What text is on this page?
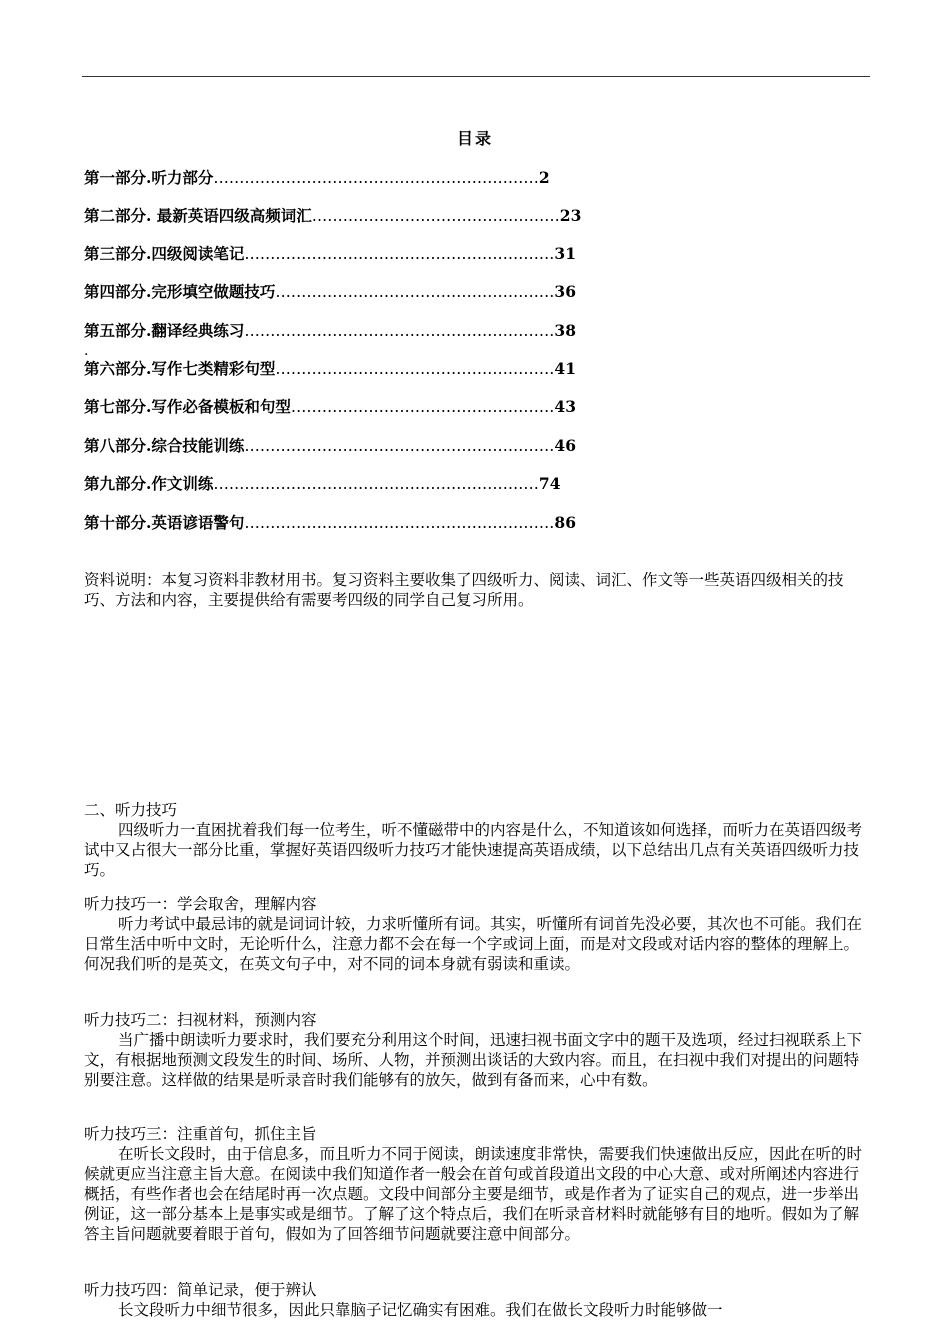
目录
第一部分.听力部分………………………………………………………2
第二部分. 最新英语四级高频词汇…………………………………………23
第三部分.四级阅读笔记……………………………………………………31
第四部分.完形填空做题技巧………………………………………………36
第五部分.翻译经典练习……………………………………………………38
第六部分.写作七类精彩句型………………………………………………41
第七部分.写作必备模板和句型……………………………………………43
第八部分.综合技能训练……………………………………………………46
第九部分.作文训练………………………………………………………74
第十部分.英语谚语警句……………………………………………………86
.
资料说明：本复习资料非教材用书。复习资料主要收集了四级听力、阅读、词汇、作文等一些英语四级相关的技巧、方法和内容，主要提供给有需要考四级的同学自己复习所用。
二、听力技巧
四级听力一直困扰着我们每一位考生，听不懂磁带中的内容是什么，不知道该如何选择，而听力在英语四级考试中又占很大一部分比重，掌握好英语四级听力技巧才能快速提高英语成绩，以下总结出几点有关英语四级听力技巧。
听力技巧一：学会取舍，理解内容
听力考试中最忌讳的就是词词计较，力求听懂所有词。其实，听懂所有词首先没必要，其次也不可能。我们在日常生活中听中文时，无论听什么，注意力都不会在每一个字或词上面，而是对文段或对话内容的整体的理解上。何况我们听的是英文，在英文句子中，对不同的词本身就有弱读和重读。
听力技巧二：扫视材料，预测内容
当广播中朗读听力要求时，我们要充分利用这个时间，迅速扫视书面文字中的题干及选项，经过扫视联系上下文，有根据地预测文段发生的时间、场所、人物，并预测出谈话的大致内容。而且，在扫视中我们对提出的问题特别要注意。这样做的结果是听录音时我们能够有的放矢，做到有备而来，心中有数。
听力技巧三：注重首句，抓住主旨
在听长文段时，由于信息多，而且听力不同于阅读，朗读速度非常快，需要我们快速做出反应，因此在听的时候就更应当注意主旨大意。在阅读中我们知道作者一般会在首句或首段道出文段的中心大意、或对所阐述内容进行概括，有些作者也会在结尾时再一次点题。文段中间部分主要是细节，或是作者为了证实自己的观点，进一步举出例证，这一部分基本上是事实或是细节。了解了这个特点后，我们在听录音材料时就能够有目的地听。假如为了解答主旨问题就要着眼于首句，假如为了回答细节问题就要注意中间部分。
听力技巧四：简单记录，便于辨认
长文段听力中细节很多，因此只靠脑子记忆确实有困难。我们在做长文段听力时能够做一
